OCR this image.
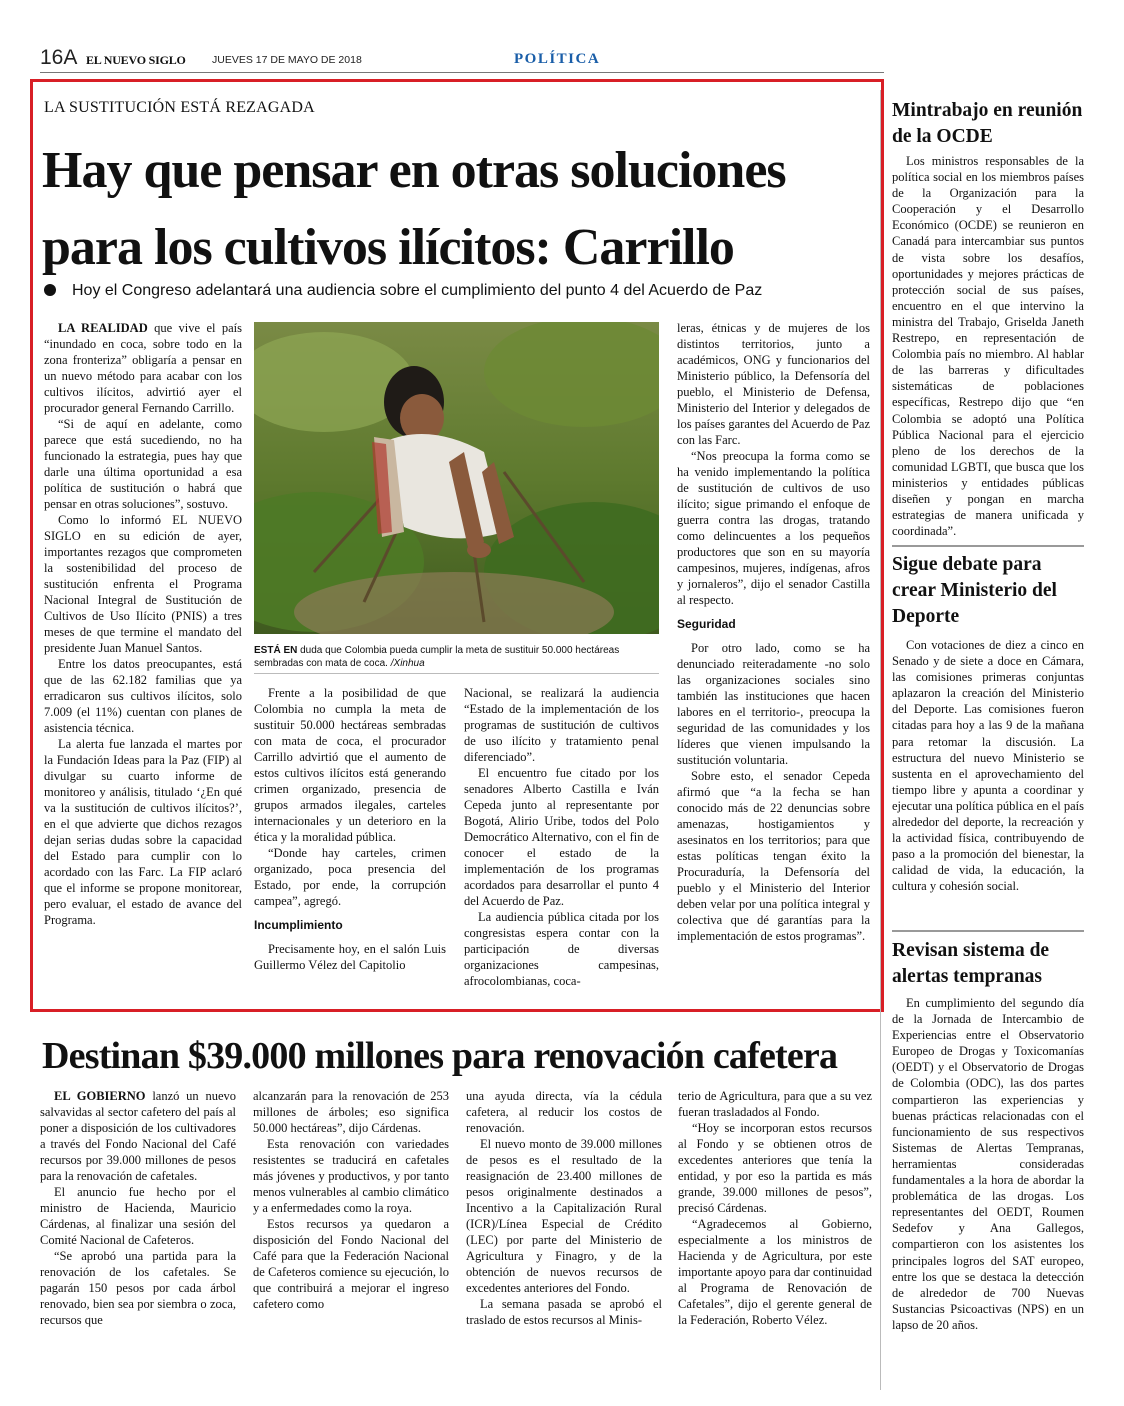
16A EL NUEVO SIGLO	JUEVES 17 DE MAYO DE 2018	POLÍTICA
LA SUSTITUCIÓN ESTÁ REZAGADA
Hay que pensar en otras soluciones para los cultivos ilícitos: Carrillo
Hoy el Congreso adelantará una audiencia sobre el cumplimiento del punto 4 del Acuerdo de Paz

LA REALIDAD que vive el país “inundado en coca, sobre todo en la zona fronteriza” obligaría a pensar en un nuevo método para acabar con los cultivos ilícitos, advirtió ayer el procurador general Fernando Carrillo.

“Si de aquí en adelante, como parece que está sucediendo, no ha funcionado la estrategia, pues hay que darle una última oportunidad a esa política de sustitución o habrá que pensar en otras soluciones”, sostuvo.

Como lo informó EL NUEVO SIGLO en su edición de ayer, importantes rezagos que comprometen la sostenibilidad del proceso de sustitución enfrenta el Programa Nacional Integral de Sustitución de Cultivos de Uso Ilícito (PNIS) a tres meses de que termine el mandato del presidente Juan Manuel Santos.

Entre los datos preocupantes, está que de las 62.182 familias que ya erradicaron sus cultivos ilícitos, solo 7.009 (el 11%) cuentan con planes de asistencia técnica.

La alerta fue lanzada el martes por la Fundación Ideas para la Paz (FIP) al divulgar su cuarto informe de monitoreo y análisis, titulado ‘¿En qué va la sustitución de cultivos ilícitos?’, en el que advierte que dichos rezagos dejan serias dudas sobre la capacidad del Estado para cumplir con lo acordado con las Farc. La FIP aclaró que el informe se propone monitorear, pero evaluar, el estado de avance del Programa.

ESTÁ EN duda que Colombia pueda cumplir la meta de sustituir 50.000 hectáreas sembradas con mata de coca. /Xinhua

Frente a la posibilidad de que Colombia no cumpla la meta de sustituir 50.000 hectáreas sembradas con mata de coca, el procurador Carrillo advirtió que el aumento de estos cultivos ilícitos está generando crimen organizado, presencia de grupos armados ilegales, carteles internacionales y un deterioro en la ética y la moralidad pública.

“Donde hay carteles, crimen organizado, poca presencia del Estado, por ende, la corrupción campea”, agregó.

Incumplimiento

Precisamente hoy, en el salón Luis Guillermo Vélez del Capitolio

Nacional, se realizará la audiencia “Estado de la implementación de los programas de sustitución de cultivos de uso ilícito y tratamiento penal diferenciado”.

El encuentro fue citado por los senadores Alberto Castilla e Iván Cepeda junto al representante por Bogotá, Alirio Uribe, todos del Polo Democrático Alternativo, con el fin de conocer el estado de la implementación de los programas acordados para desarrollar el punto 4 del Acuerdo de Paz.

La audiencia pública citada por los congresistas espera contar con la participación de diversas organizaciones campesinas, afrocolombianas, coca-

leras, étnicas y de mujeres de los distintos territorios, junto a académicos, ONG y funcionarios del Ministerio público, la Defensoría del pueblo, el Ministerio de Defensa, Ministerio del Interior y delegados de los países garantes del Acuerdo de Paz con las Farc.

“Nos preocupa la forma como se ha venido implementando la política de sustitución de cultivos de uso ilícito; sigue primando el enfoque de guerra contra las drogas, tratando como delincuentes a los pequeños productores que son en su mayoría campesinos, mujeres, indígenas, afros y jornaleros”, dijo el senador Castilla al respecto.

Seguridad

Por otro lado, como se ha denunciado reiteradamente -no solo las organizaciones sociales sino también las instituciones que hacen labores en el territorio-, preocupa la seguridad de las comunidades y los líderes que vienen impulsando la sustitución voluntaria.

Sobre esto, el senador Cepeda afirmó que “a la fecha se han conocido más de 22 denuncias sobre amenazas, hostigamientos y asesinatos en los territorios; para que estas políticas tengan éxito la Procuraduría, la Defensoría del pueblo y el Ministerio del Interior deben velar por una política integral y colectiva que dé garantías para la implementación de estos programas”.

Mintrabajo en reunión de la OCDE

Los ministros responsables de la política social en los miembros países de la Organización para la Cooperación y el Desarrollo Económico (OCDE) se reunieron en Canadá para intercambiar sus puntos de vista sobre los desafíos, oportunidades y mejores prácticas de protección social de sus países, encuentro en el que intervino la ministra del Trabajo, Griselda Janeth Restrepo, en representación de Colombia país no miembro. Al hablar de las barreras y dificultades sistemáticas de poblaciones específicas, Restrepo dijo que “en Colombia se adoptó una Política Pública Nacional para el ejercicio pleno de los derechos de la comunidad LGBTI, que busca que los ministerios y entidades públicas diseñen y pongan en marcha estrategias de manera unificada y coordinada”.

Sigue debate para crear Ministerio del Deporte

Con votaciones de diez a cinco en Senado y de siete a doce en Cámara, las comisiones primeras conjuntas aplazaron la creación del Ministerio del Deporte. Las comisiones fueron citadas para hoy a las 9 de la mañana para retomar la discusión. La estructura del nuevo Ministerio se sustenta en el aprovechamiento del tiempo libre y apunta a coordinar y ejecutar una política pública en el país alrededor del deporte, la recreación y la actividad física, contribuyendo de paso a la promoción del bienestar, la calidad de vida, la educación, la cultura y cohesión social.

Revisan sistema de alertas tempranas

En cumplimiento del segundo día de la Jornada de Intercambio de Experiencias entre el Observatorio Europeo de Drogas y Toxicomanías (OEDT) y el Observatorio de Drogas de Colombia (ODC), las dos partes compartieron las experiencias y buenas prácticas relacionadas con el funcionamiento de sus respectivos Sistemas de Alertas Tempranas, herramientas consideradas fundamentales a la hora de abordar la problemática de las drogas. Los representantes del OEDT, Roumen Sedefov y Ana Gallegos, compartieron con los asistentes los principales logros del SAT europeo, entre los que se destaca la detección de alrededor de 700 Nuevas Sustancias Psicoactivas (NPS) en un lapso de 20 años.

Destinan $39.000 millones para renovación cafetera

EL GOBIERNO lanzó un nuevo salvavidas al sector cafetero del país al poner a disposición de los cultivadores a través del Fondo Nacional del Café recursos por 39.000 millones de pesos para la renovación de cafetales.

El anuncio fue hecho por el ministro de Hacienda, Mauricio Cárdenas, al finalizar una sesión del Comité Nacional de Cafeteros.

“Se aprobó una partida para la renovación de los cafetales. Se pagarán 150 pesos por cada árbol renovado, bien sea por siembra o zoca, recursos que

alcanzarán para la renovación de 253 millones de árboles; eso significa 50.000 hectáreas”, dijo Cárdenas.

Esta renovación con variedades resistentes se traducirá en cafetales más jóvenes y productivos, y por tanto menos vulnerables al cambio climático y a enfermedades como la roya.

Estos recursos ya quedaron a disposición del Fondo Nacional del Café para que la Federación Nacional de Cafeteros comience su ejecución, lo que contribuirá a mejorar el ingreso cafetero como

una ayuda directa, vía la cédula cafetera, al reducir los costos de renovación.

El nuevo monto de 39.000 millones de pesos es el resultado de la reasignación de 23.400 millones de pesos originalmente destinados a Incentivo a la Capitalización Rural (ICR)/Línea Especial de Crédito (LEC) por parte del Ministerio de Agricultura y Finagro, y de la obtención de nuevos recursos de excedentes anteriores del Fondo.

La semana pasada se aprobó el traslado de estos recursos al Minis-

terio de Agricultura, para que a su vez fueran trasladados al Fondo.

“Hoy se incorporan estos recursos al Fondo y se obtienen otros de excedentes anteriores que tenía la entidad, y por eso la partida es más grande, 39.000 millones de pesos”, precisó Cárdenas.

“Agradecemos al Gobierno, especialmente a los ministros de Hacienda y de Agricultura, por este importante apoyo para dar continuidad al Programa de Renovación de Cafetales”, dijo el gerente general de la Federación, Roberto Vélez.
